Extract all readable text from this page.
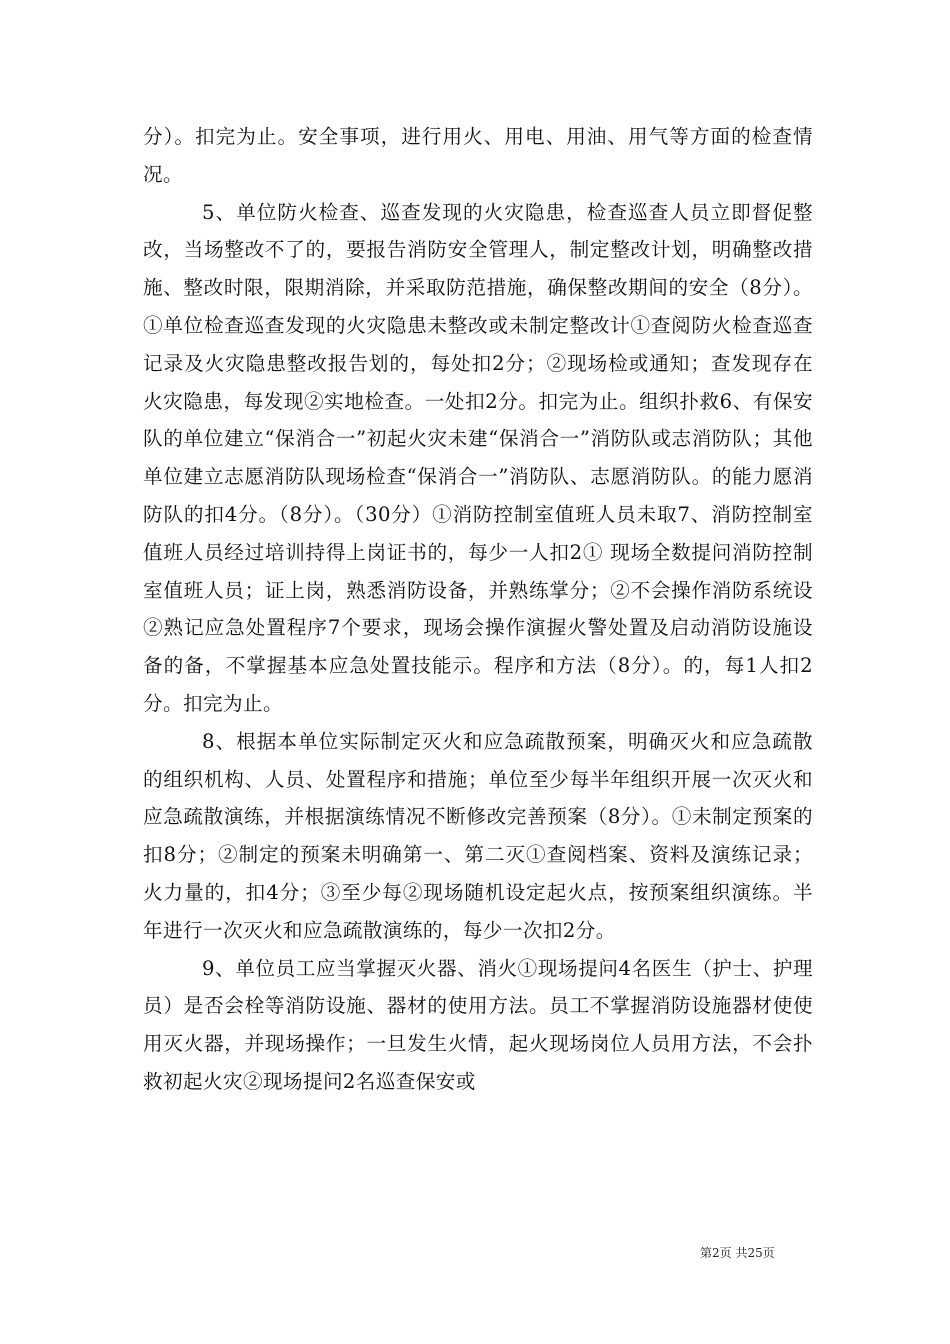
分）。扣完为止。安全事项，进行用火、用电、用油、用气等方面的检查情况。

5、单位防火检查、巡查发现的火灾隐患，检查巡查人员立即督促整改，当场整改不了的，要报告消防安全管理人，制定整改计划，明确整改措施、整改时限，限期消除，并采取防范措施，确保整改期间的安全（8分）。①单位检查巡查发现的火灾隐患未整改或未制定整改计①查阅防火检查巡查记录及火灾隐患整改报告划的，每处扣2分；②现场检或通知；查发现存在火灾隐患，每发现②实地检查。一处扣2分。扣完为止。组织扑救6、有保安队的单位建立“保消合一”初起火灾未建“保消合一”消防队或志消防队；其他单位建立志愿消防队现场检查“保消合一”消防队、志愿消防队。的能力愿消防队的扣4分。（8分）。（30分）①消防控制室值班人员未取7、消防控制室值班人员经过培训持得上岗证书的，每少一人扣2① 现场全数提问消防控制室值班人员；证上岗，熟悉消防设备，并熟练掌分；②不会操作消防系统设②熟记应急处置程序7个要求，现场会操作演握火警处置及启动消防设施设备的备，不掌握基本应急处置技能示。程序和方法（8分）。的，每1人扣2分。扣完为止。

8、根据本单位实际制定灭火和应急疏散预案，明确灭火和应急疏散的组织机构、人员、处置程序和措施；单位至少每半年组织开展一次灭火和应急疏散演练，并根据演练情况不断修改完善预案（8分）。①未制定预案的扣8分；②制定的预案未明确第一、第二灭①查阅档案、资料及演练记录；火力量的，扣4分；③至少每②现场随机设定起火点，按预案组织演练。半年进行一次灭火和应急疏散演练的，每少一次扣2分。

9、单位员工应当掌握灭火器、消火①现场提问4名医生（护士、护理员）是否会栓等消防设施、器材的使用方法。员工不掌握消防设施器材使使用灭火器，并现场操作；一旦发生火情，起火现场岗位人员用方法，不会扑救初起火灾②现场提问2名巡查保安或

第2页 共25页
